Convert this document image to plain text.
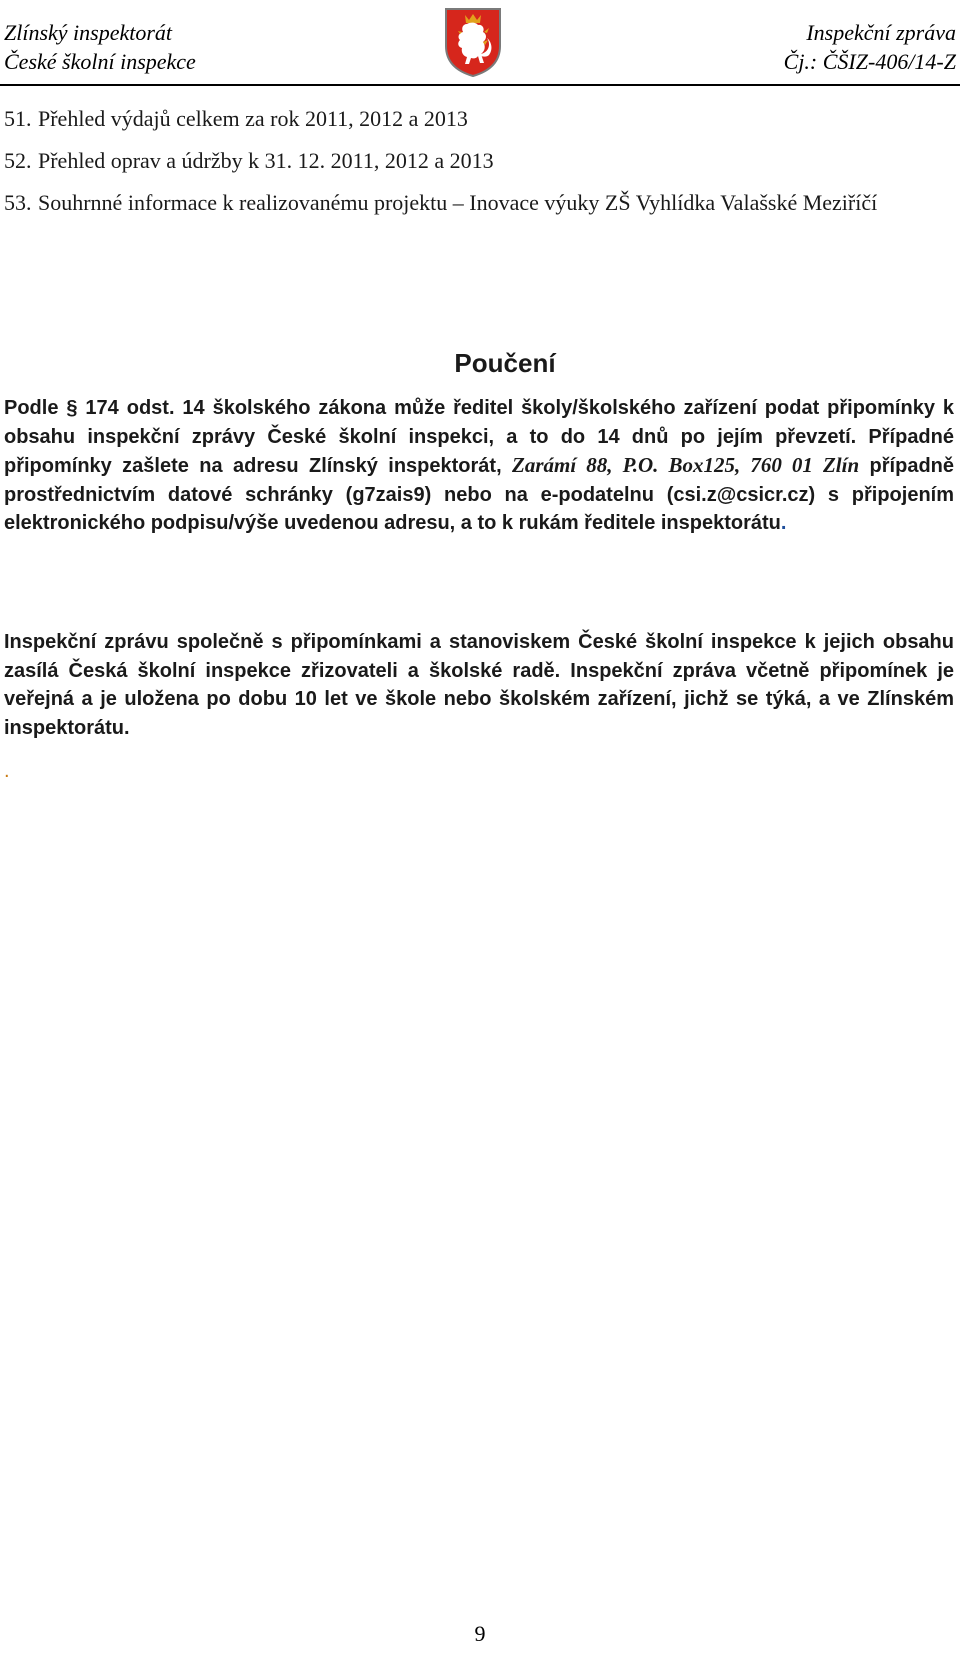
Zlínský inspektorát
České školní inspekce
Inspekční zpráva
Čj.: ČŠIZ-406/14-Z
51. Přehled výdajů celkem za rok 2011, 2012 a 2013
52. Přehled oprav a údržby k 31. 12. 2011, 2012 a 2013
53. Souhrnné informace k realizovanému projektu – Inovace výuky ZŠ Vyhlídka Valašské Meziříčí
Poučení

Podle § 174 odst. 14 školského zákona může ředitel školy/školského zařízení podat připomínky k obsahu inspekční zprávy České školní inspekci, a to do 14 dnů po jejím převzetí. Případné připomínky zašlete na adresu Zlínský inspektorát, Zarámí 88, P.O. Box125, 760 01 Zlín případně prostřednictvím datové schránky (g7zais9) nebo na e-podatelnu (csi.z@csicr.cz) s připojením elektronického podpisu/výše uvedenou adresu, a to k rukám ředitele inspektorátu.

Inspekční zprávu společně s připomínkami a stanoviskem České školní inspekce k jejich obsahu zasílá Česká školní inspekce zřizovateli a školské radě. Inspekční zpráva včetně připomínek je veřejná a je uložena po dobu 10 let ve škole nebo školském zařízení, jichž se týká, a ve Zlínském inspektorátu.

.
9
